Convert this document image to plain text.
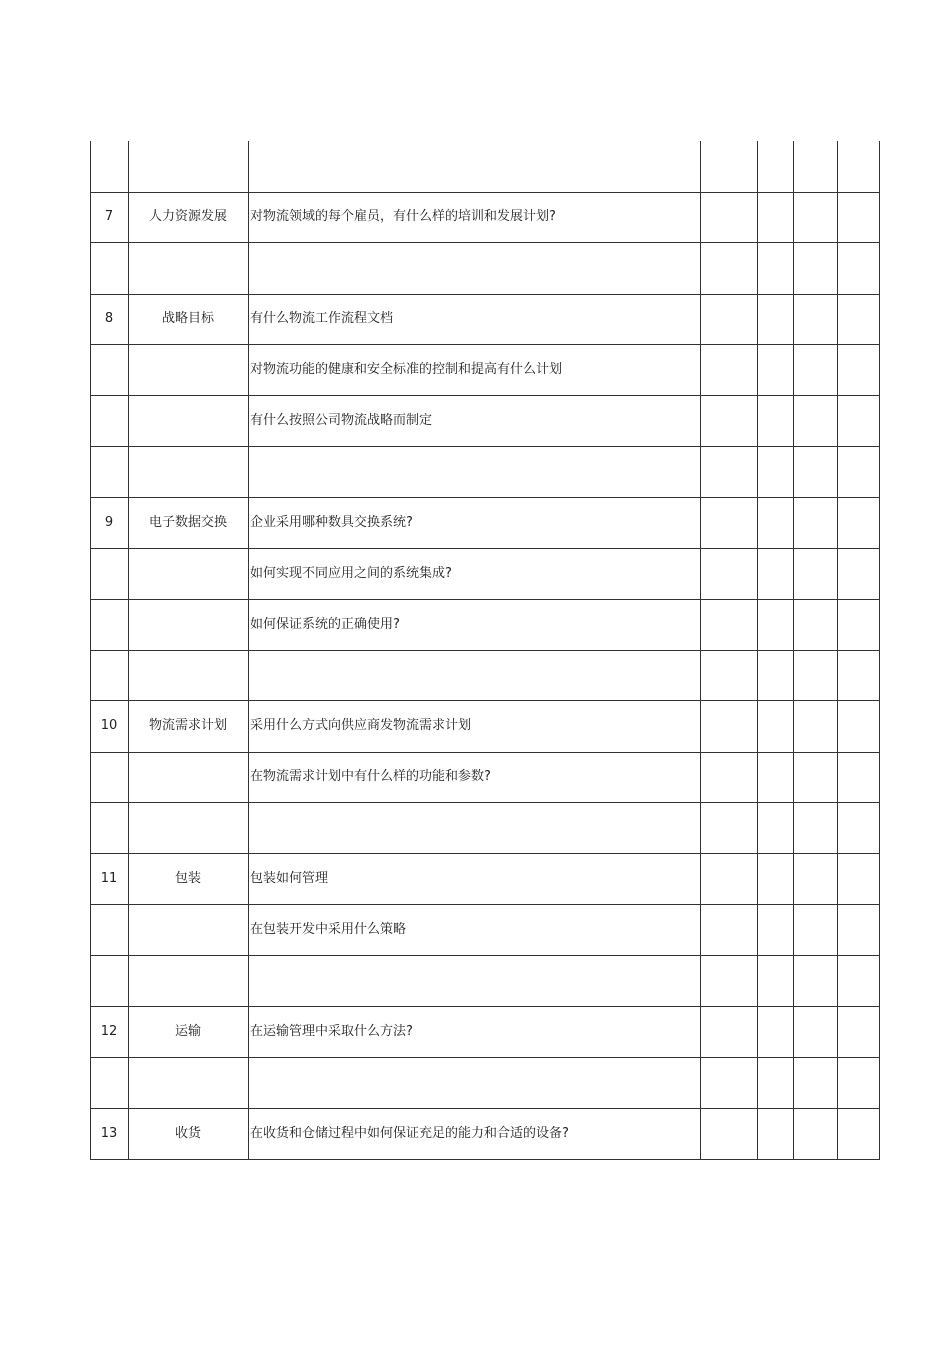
7	人力资源发展	对物流领域的每个雇员，有什么样的培训和发展计划?
8	战略目标	有什么物流工作流程文档
对物流功能的健康和安全标准的控制和提高有什么计划
有什么按照公司物流战略而制定
9	电子数据交换	企业采用哪种数具交换系统?
如何实现不同应用之间的系统集成?
如何保证系统的正确使用?
10	物流需求计划	采用什么方式向供应商发物流需求计划
在物流需求计划中有什么样的功能和参数?
11	包装	包装如何管理
在包装开发中采用什么策略
12	运输	在运输管理中采取什么方法?
13	收货	在收货和仓储过程中如何保证充足的能力和合适的设备?
